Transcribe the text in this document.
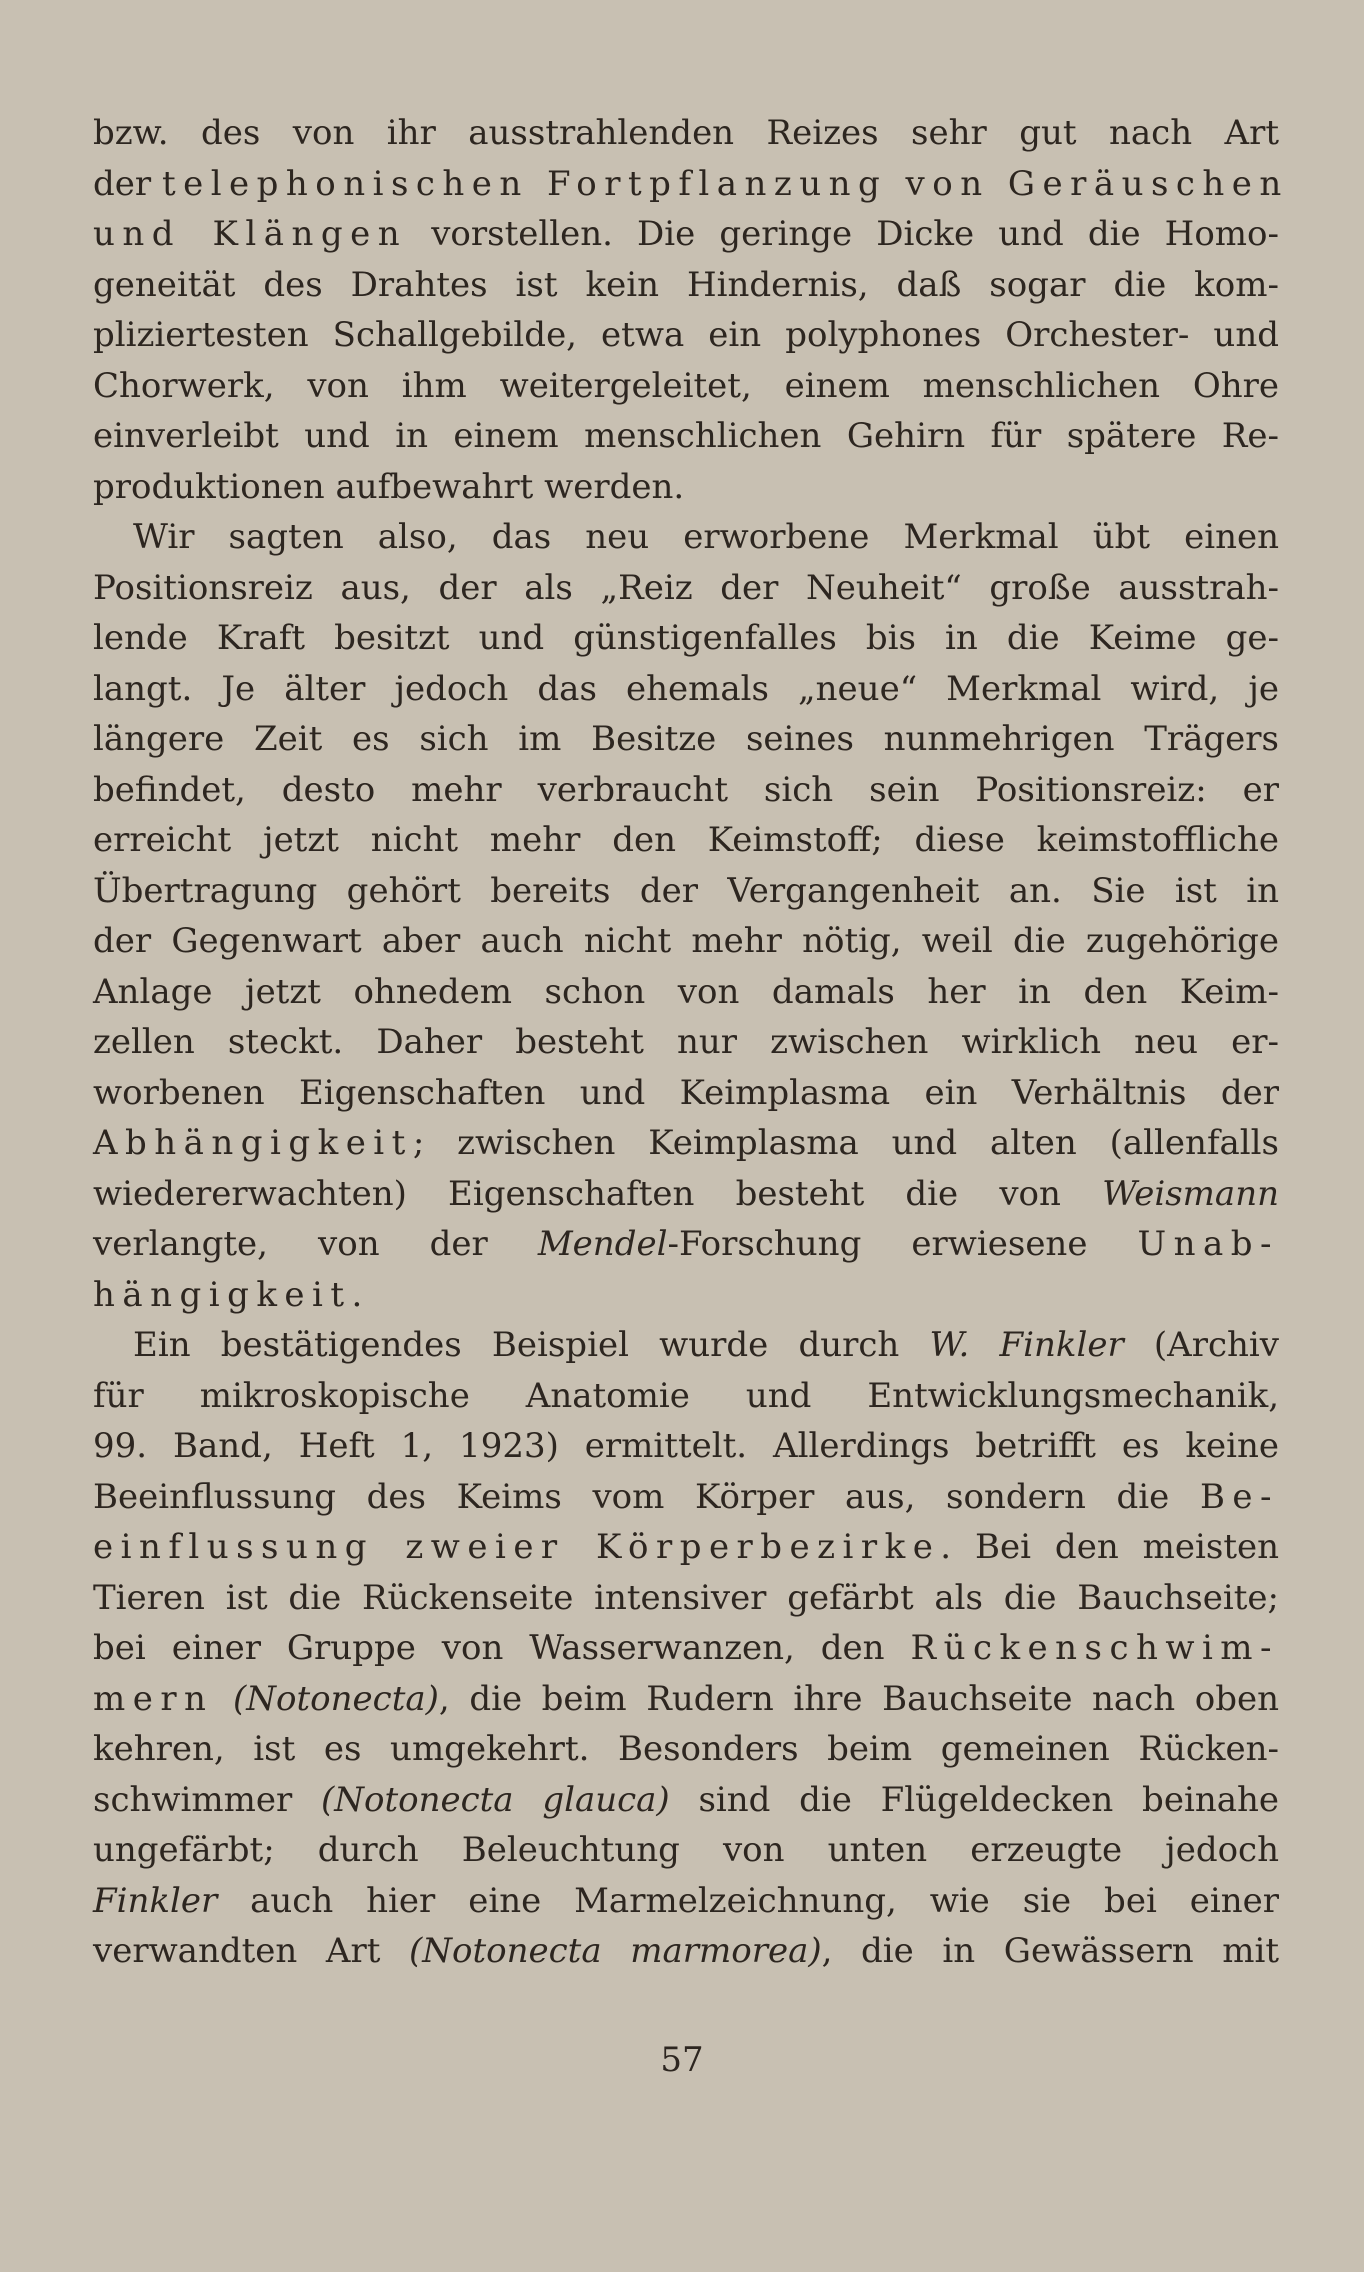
bzw. des von ihr ausstrahlenden Reizes sehr gut nach Art
der telephonischen Fortpflanzung von Geräuschen
und Klängen vorstellen. Die geringe Dicke und die Homo-
geneität des Drahtes ist kein Hindernis, daß sogar die kom-
pliziertesten Schallgebilde, etwa ein polyphones Orchester- und
Chorwerk, von ihm weitergeleitet, einem menschlichen Ohre
einverleibt und in einem menschlichen Gehirn für spätere Re-
produktionen aufbewahrt werden.
Wir sagten also, das neu erworbene Merkmal übt einen
Positionsreiz aus, der als „Reiz der Neuheit“ große ausstrah-
lende Kraft besitzt und günstigenfalles bis in die Keime ge-
langt. Je älter jedoch das ehemals „neue“ Merkmal wird, je
längere Zeit es sich im Besitze seines nunmehrigen Trägers
befindet, desto mehr verbraucht sich sein Positionsreiz: er
erreicht jetzt nicht mehr den Keimstoff; diese keimstoffliche
Übertragung gehört bereits der Vergangenheit an. Sie ist in
der Gegenwart aber auch nicht mehr nötig, weil die zugehörige
Anlage jetzt ohnedem schon von damals her in den Keim-
zellen steckt. Daher besteht nur zwischen wirklich neu er-
worbenen Eigenschaften und Keimplasma ein Verhältnis der
Abhängigkeit; zwischen Keimplasma und alten (allenfalls
wiedererwachten) Eigenschaften besteht die von Weismann
verlangte, von der Mendel-Forschung erwiesene Unab-
hängigkeit.
Ein bestätigendes Beispiel wurde durch W. Finkler (Archiv
für mikroskopische Anatomie und Entwicklungsmechanik,
99. Band, Heft 1, 1923) ermittelt. Allerdings betrifft es keine
Beeinflussung des Keims vom Körper aus, sondern die Be-
einflussung zweier Körperbezirke. Bei den meisten
Tieren ist die Rückenseite intensiver gefärbt als die Bauchseite;
bei einer Gruppe von Wasserwanzen, den Rückenschwim-
mern (Notonecta), die beim Rudern ihre Bauchseite nach oben
kehren, ist es umgekehrt. Besonders beim gemeinen Rücken-
schwimmer (Notonecta glauca) sind die Flügeldecken beinahe
ungefärbt; durch Beleuchtung von unten erzeugte jedoch
Finkler auch hier eine Marmelzeichnung, wie sie bei einer
verwandten Art (Notonecta marmorea), die in Gewässern mit
57
